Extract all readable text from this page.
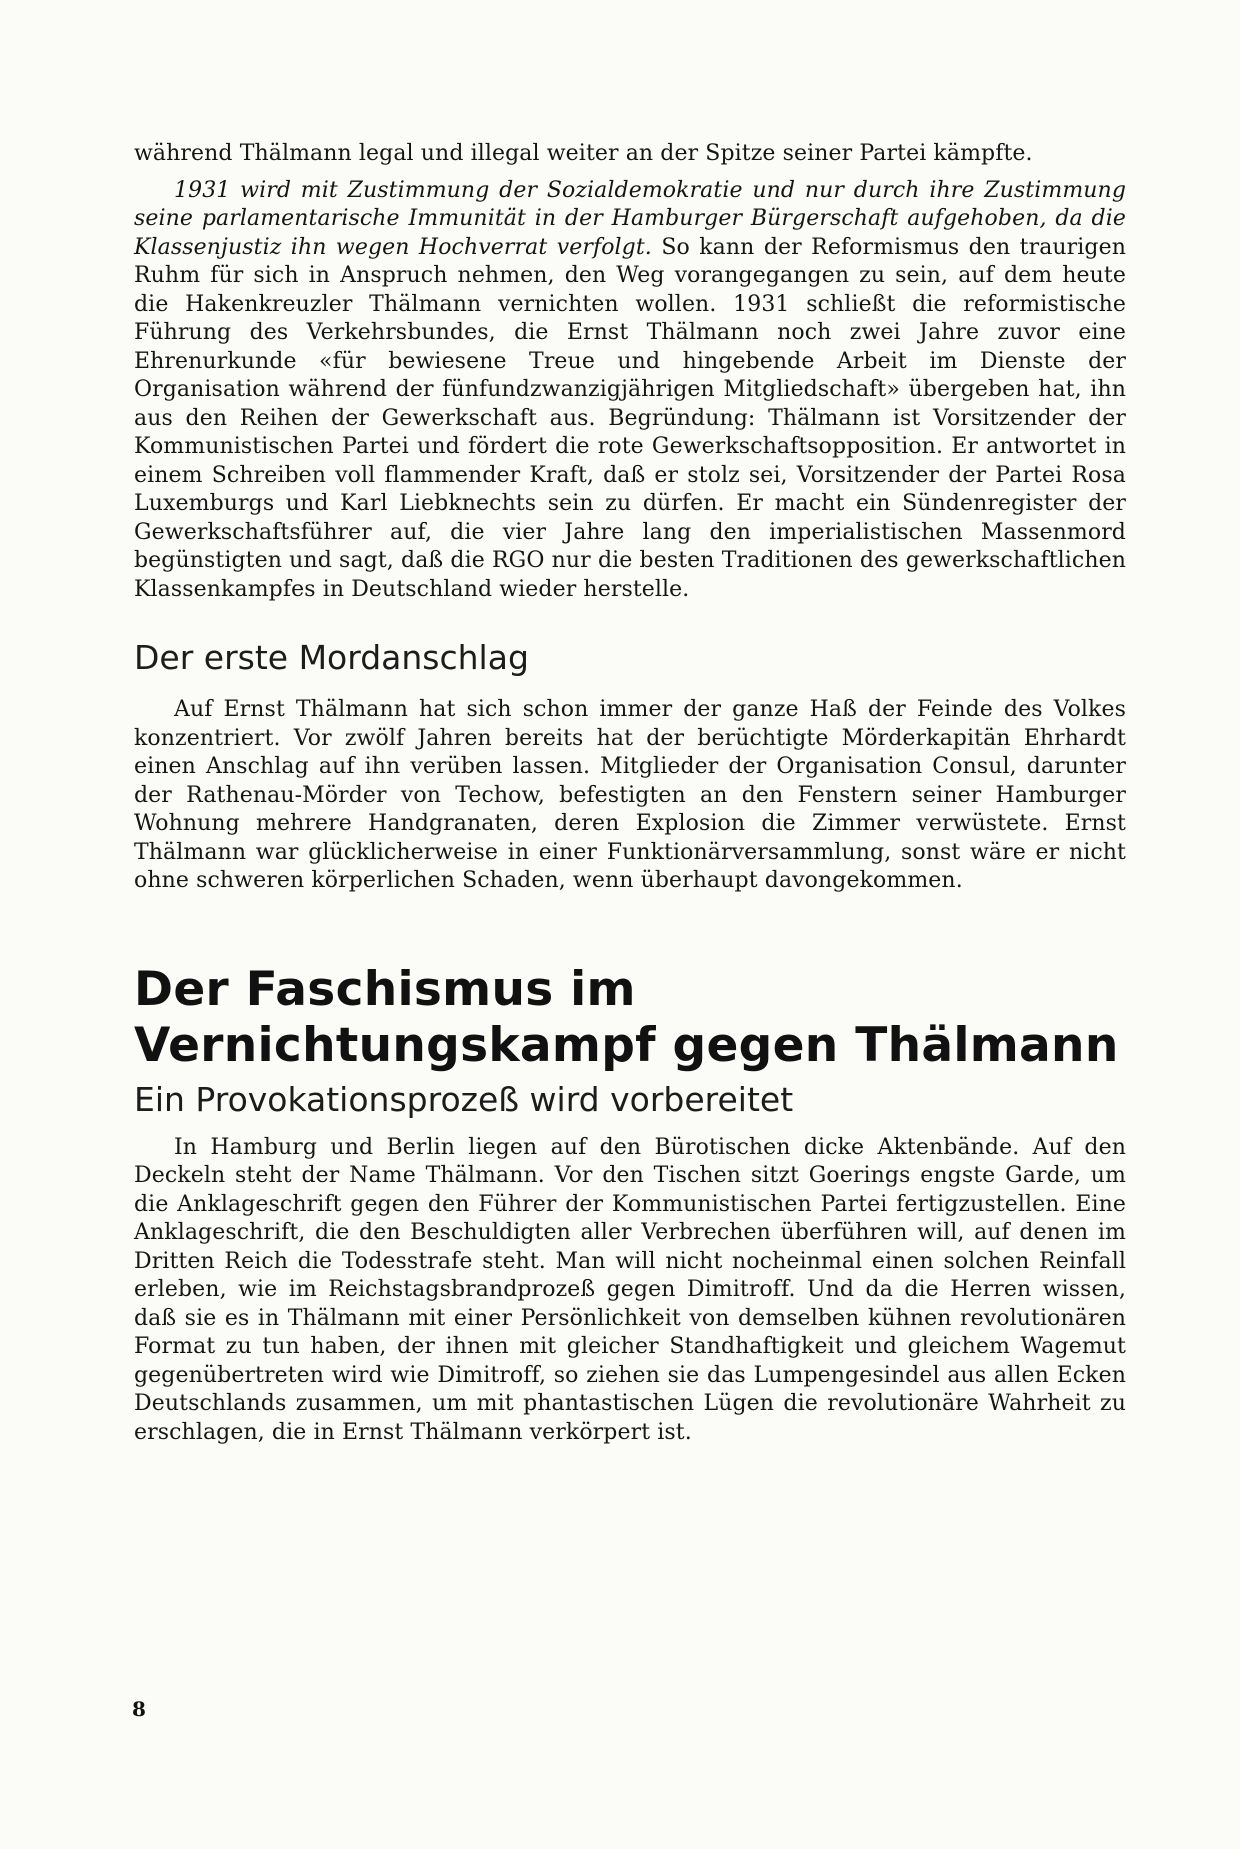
während Thälmann legal und illegal weiter an der Spitze seiner Partei kämpfte.

1931 wird mit Zustimmung der Sozialdemokratie und nur durch ihre Zustimmung seine parlamentarische Immunität in der Hamburger Bürgerschaft aufgehoben, da die Klassenjustiz ihn wegen Hochverrat verfolgt. So kann der Reformismus den traurigen Ruhm für sich in Anspruch nehmen, den Weg vorangegangen zu sein, auf dem heute die Hakenkreuzler Thälmann vernichten wollen. 1931 schließt die reformistische Führung des Verkehrsbundes, die Ernst Thälmann noch zwei Jahre zuvor eine Ehrenurkunde «für bewiesene Treue und hingebende Arbeit im Dienste der Organisation während der fünfundzwanzigjährigen Mitgliedschaft» übergeben hat, ihn aus den Reihen der Gewerkschaft aus. Begründung: Thälmann ist Vorsitzender der Kommunistischen Partei und fördert die rote Gewerkschaftsopposition. Er antwortet in einem Schreiben voll flammender Kraft, daß er stolz sei, Vorsitzender der Partei Rosa Luxemburgs und Karl Liebknechts sein zu dürfen. Er macht ein Sündenregister der Gewerkschaftsführer auf, die vier Jahre lang den imperialistischen Massenmord begünstigten und sagt, daß die RGO nur die besten Traditionen des gewerkschaftlichen Klassenkampfes in Deutschland wieder herstelle.

Der erste Mordanschlag

Auf Ernst Thälmann hat sich schon immer der ganze Haß der Feinde des Volkes konzentriert. Vor zwölf Jahren bereits hat der berüchtigte Mörderkapitän Ehrhardt einen Anschlag auf ihn verüben lassen. Mitglieder der Organisation Consul, darunter der Rathenau-Mörder von Techow, befestigten an den Fenstern seiner Hamburger Wohnung mehrere Handgranaten, deren Explosion die Zimmer verwüstete. Ernst Thälmann war glücklicherweise in einer Funktionärversammlung, sonst wäre er nicht ohne schweren körperlichen Schaden, wenn überhaupt davongekommen.

Der Faschismus im Vernichtungskampf gegen Thälmann
Ein Provokationsprozeß wird vorbereitet

In Hamburg und Berlin liegen auf den Bürotischen dicke Aktenbände. Auf den Deckeln steht der Name Thälmann. Vor den Tischen sitzt Goerings engste Garde, um die Anklageschrift gegen den Führer der Kommunistischen Partei fertigzustellen. Eine Anklageschrift, die den Beschuldigten aller Verbrechen überführen will, auf denen im Dritten Reich die Todesstrafe steht. Man will nicht nocheinmal einen solchen Reinfall erleben, wie im Reichstagsbrandprozeß gegen Dimitroff. Und da die Herren wissen, daß sie es in Thälmann mit einer Persönlichkeit von demselben kühnen revolutionären Format zu tun haben, der ihnen mit gleicher Standhaftigkeit und gleichem Wagemut gegenübertreten wird wie Dimitroff, so ziehen sie das Lumpengesindel aus allen Ecken Deutschlands zusammen, um mit phantastischen Lügen die revolutionäre Wahrheit zu erschlagen, die in Ernst Thälmann verkörpert ist.

8
